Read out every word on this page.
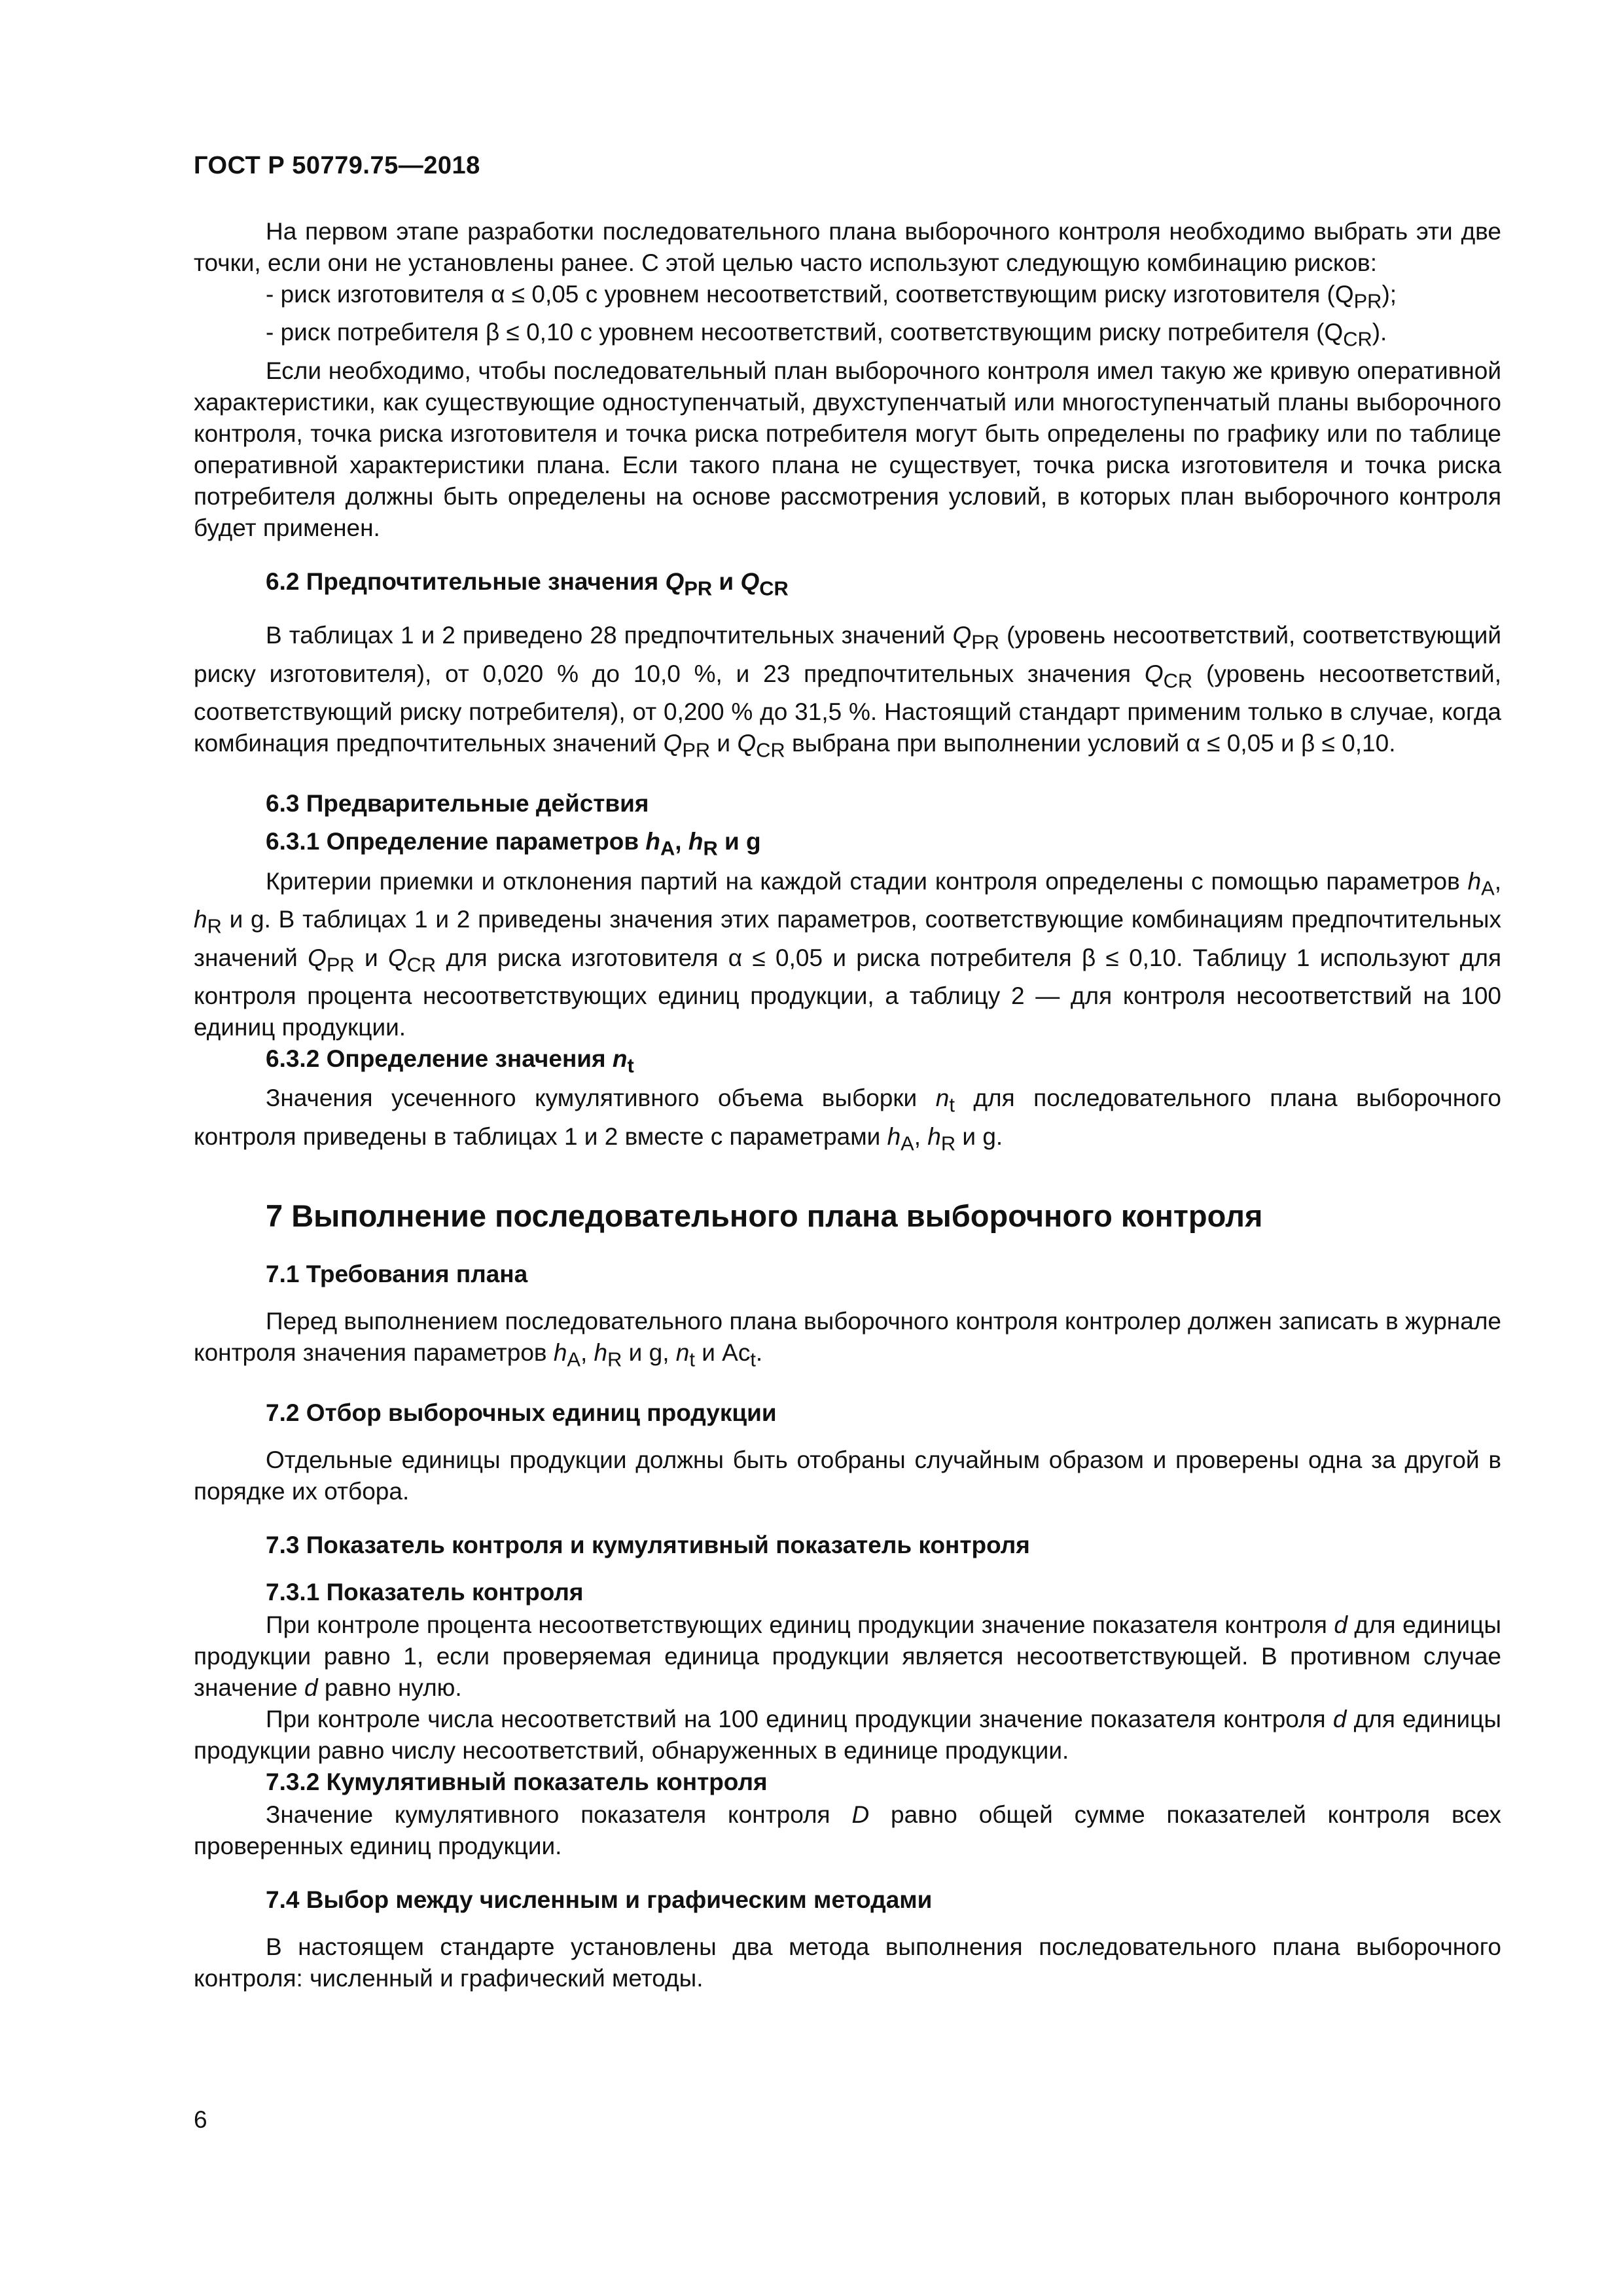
ГОСТ Р 50779.75—2018

На первом этапе разработки последовательного плана выборочного контроля необходимо выбрать эти две точки, если они не установлены ранее. С этой целью часто используют следующую комбинацию рисков:

- риск изготовителя α ≤ 0,05 с уровнем несоответствий, соответствующим риску изготовителя $(Q_{PR})$;

- риск потребителя β ≤ 0,10 с уровнем несоответствий, соответствующим риску потребителя $(Q_{CR})$.

Если необходимо, чтобы последовательный план выборочного контроля имел такую же кривую оперативной характеристики, как существующие одноступенчатый, двухступенчатый или многоступенчатый планы выборочного контроля, точка риска изготовителя и точка риска потребителя могут быть определены по графику или по таблице оперативной характеристики плана. Если такого плана не существует, точка риска изготовителя и точка риска потребителя должны быть определены на основе рассмотрения условий, в которых план выборочного контроля будет применен.

6.2 Предпочтительные значения $Q_{PR}$ и $Q_{CR}$

В таблицах 1 и 2 приведено 28 предпочтительных значений $Q_{PR}$ (уровень несоответствий, соответствующий риску изготовителя), от 0,020 % до 10,0 %, и 23 предпочтительных значения $Q_{CR}$ (уровень несоответствий, соответствующий риску потребителя), от 0,200 % до 31,5 %. Настоящий стандарт применим только в случае, когда комбинация предпочтительных значений $Q_{PR}$ и $Q_{CR}$ выбрана при выполнении условий α ≤ 0,05 и β ≤ 0,10.

6.3 Предварительные действия

6.3.1 Определение параметров $h_A$, $h_R$ и g

Критерии приемки и отклонения партий на каждой стадии контроля определены с помощью параметров $h_A$, $h_R$ и g. В таблицах 1 и 2 приведены значения этих параметров, соответствующие комбинациям предпочтительных значений $Q_{PR}$ и $Q_{CR}$ для риска изготовителя α ≤ 0,05 и риска потребителя β ≤ 0,10. Таблицу 1 используют для контроля процента несоответствующих единиц продукции, а таблицу 2 — для контроля несоответствий на 100 единиц продукции.

6.3.2 Определение значения $n_t$

Значения усеченного кумулятивного объема выборки $n_t$ для последовательного плана выборочного контроля приведены в таблицах 1 и 2 вместе с параметрами $h_A$, $h_R$ и g.

7 Выполнение последовательного плана выборочного контроля

7.1 Требования плана

Перед выполнением последовательного плана выборочного контроля контролер должен записать в журнале контроля значения параметров $h_A$, $h_R$ и g, $n_t$ и $Ac_t$.

7.2 Отбор выборочных единиц продукции

Отдельные единицы продукции должны быть отобраны случайным образом и проверены одна за другой в порядке их отбора.

7.3 Показатель контроля и кумулятивный показатель контроля

7.3.1 Показатель контроля

При контроле процента несоответствующих единиц продукции значение показателя контроля d для единицы продукции равно 1, если проверяемая единица продукции является несоответствующей. В противном случае значение d равно нулю.

При контроле числа несоответствий на 100 единиц продукции значение показателя контроля d для единицы продукции равно числу несоответствий, обнаруженных в единице продукции.

7.3.2 Кумулятивный показатель контроля

Значение кумулятивного показателя контроля D равно общей сумме показателей контроля всех проверенных единиц продукции.

7.4 Выбор между численным и графическим методами

В настоящем стандарте установлены два метода выполнения последовательного плана выборочного контроля: численный и графический методы.

6
